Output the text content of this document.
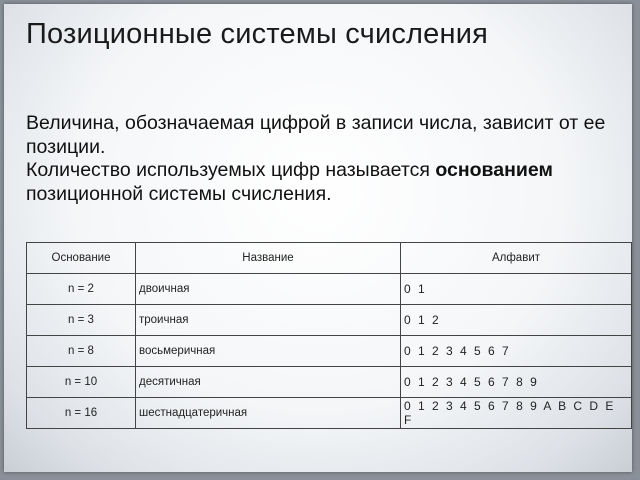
Позиционные системы счисления
Величина, обозначаемая цифрой в записи числа, зависит от ее позиции.
Количество используемых цифр называется основанием позиционной системы счисления.
Основание	Название	Алфавит
n = 2	двоичная	0 1
n = 3	троичная	0 1 2
n = 8	восьмеричная	0 1 2 3 4 5 6 7
n = 10	десятичная	0 1 2 3 4 5 6 7 8 9
n = 16	шестнадцатеричная	0 1 2 3 4 5 6 7 8 9 A B C D E F
